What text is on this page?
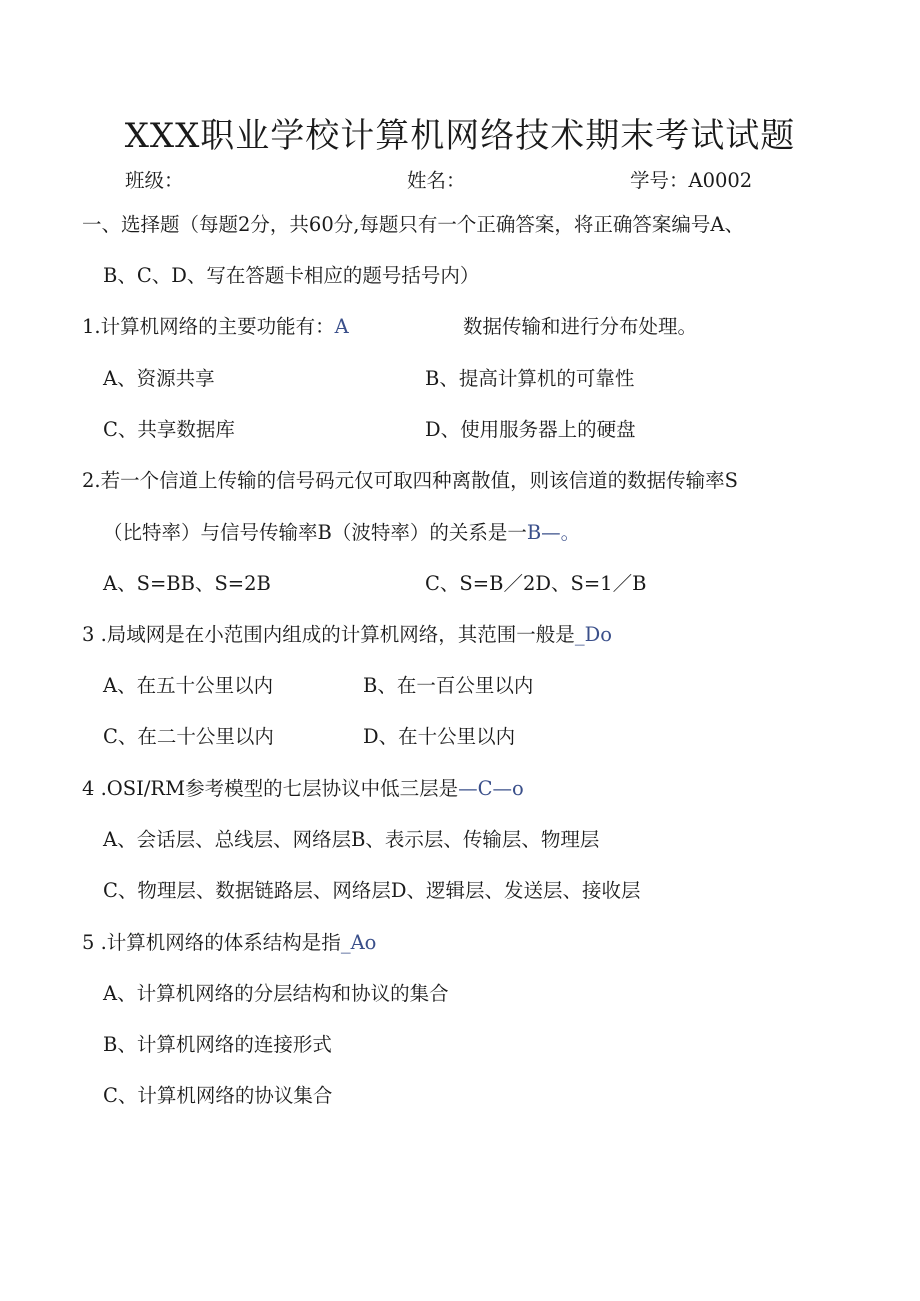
XXX职业学校计算机网络技术期末考试试题
班级：	姓名：	学号：A0002
一、选择题（每题2分，共60分,每题只有一个正确答案，将正确答案编号A、
B、C、D、写在答题卡相应的题号括号内）
1.计算机网络的主要功能有：A	数据传输和进行分布处理。
A、资源共享	B、提高计算机的可靠性
C、共享数据库	D、使用服务器上的硬盘
2.若一个信道上传输的信号码元仅可取四种离散值，则该信道的数据传输率S
（比特率）与信号传输率B（波特率）的关系是一B—。
A、S=BB、S=2B	C、S=B／2D、S=1／B
3 .局域网是在小范围内组成的计算机网络，其范围一般是_Do
A、在五十公里以内	B、在一百公里以内
C、在二十公里以内	D、在十公里以内
4 .OSI/RM参考模型的七层协议中低三层是—C—o
A、会话层、总线层、网络层B、表示层、传输层、物理层
C、物理层、数据链路层、网络层D、逻辑层、发送层、接收层
5 .计算机网络的体系结构是指_Ao
A、计算机网络的分层结构和协议的集合
B、计算机网络的连接形式
C、计算机网络的协议集合
